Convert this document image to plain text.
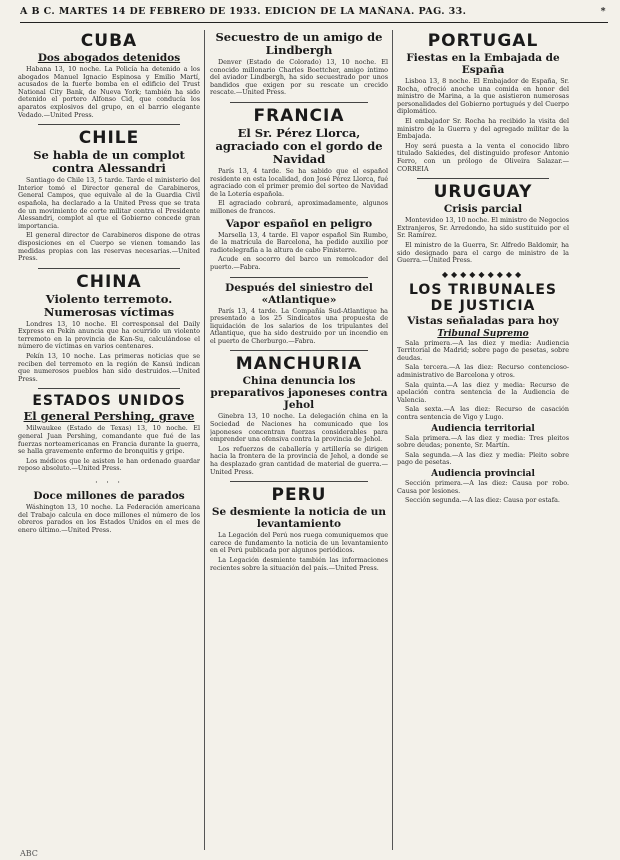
A B C. MARTES 14 DE FEBRERO DE 1933. EDICION DE LA MAÑANA. PAG. 33.	*
CUBA
Dos abogados detenidos

Habana 13, 10 noche. La Policía ha detenido a los abogados Manuel Ignacio Espinosa y Emilio Martí, acusados de la fuerte bomba en el edificio del Trust National City Bank, de Nueva York; también ha sido detenido el portero Alfonso Cid, que conducía los aparatos explosivos del grupo, en el barrio elegante Vedado.—United Press.

CHILE
Se habla de un complot contra Alessandri

Santiago de Chile 13, 5 tarde. Tarde el ministerio del Interior tomó el Director general de Carabineros, General Campos, que equivale al de la Guardia Civil española, ha declarado a la United Press que se trata de un movimiento de corte militar contra el Presidente Alessandri, complot al que el Gobierno concede gran importancia.

El general director de Carabineros dispone de otras disposiciones en el Cuerpo se vienen tomando las medidas propias con las reservas necesarias.—United Press.

CHINA
Violento terremoto. Numerosas víctimas

Londres 13, 10 noche. El corresponsal del Daily Express en Pekín anuncia que ha ocurrido un violento terremoto en la provincia de Kan-Su, calculándose el número de víctimas en varios centenares.

Pekín 13, 10 noche. Las primeras noticias que se reciben del terremoto en la región de Kansú indican que numerosos pueblos han sido destruidos.—United Press.

ESTADOS UNIDOS
El general Pershing, grave

Milwaukee (Estado de Texas) 13, 10 noche. El general Juan Pershing, comandante que fué de las fuerzas norteamericanas en Francia durante la guerra, se halla gravemente enfermo de bronquitis y gripe.

Los médicos que le asisten le han ordenado guardar reposo absoluto.—United Press.

· · ·
Doce millones de parados

Wáshington 13, 10 noche. La Federación americana del Trabajo calcula en doce millones el número de los obreros parados en los Estados Unidos en el mes de enero último.—United Press.

Secuestro de un amigo de Lindbergh

Denver (Estado de Colorado) 13, 10 noche. El conocido millonario Charles Boettcher, amigo íntimo del aviador Lindbergh, ha sido secuestrado por unos bandidos que exigen por su rescate un crecido rescate.—United Press.

FRANCIA
El Sr. Pérez Llorca, agraciado con el gordo de Navidad

París 13, 4 tarde. Se ha sabido que el español residente en esta localidad, don José Pérez Llorca, fué agraciado con el primer premio del sorteo de Navidad de la Lotería española.

El agraciado cobrará, aproximadamente, algunos millones de francos.

Vapor español en peligro

Marsella 13, 4 tarde. El vapor español Sin Rumbo, de la matrícula de Barcelona, ha pedido auxilio por radiotelegrafía a la altura de cabo Finisterre.

Acude en socorro del barco un remolcador del puerto.—Fabra.

Después del siniestro del «Atlantique»

París 13, 4 tarde. La Compañía Sud-Atlantique ha presentado a los 25 Sindicatos una propuesta de liquidación de los salarios de los tripulantes del Atlantique, que ha sido destruido por un incendio en el puerto de Cherburgo.—Fabra.

MANCHURIA
China denuncia los preparativos japoneses contra Jehol

Ginebra 13, 10 noche. La delegación china en la Sociedad de Naciones ha comunicado que los japoneses concentran fuerzas considerables para emprender una ofensiva contra la provincia de Jehol.

Los refuerzos de caballería y artillería se dirigen hacia la frontera de la provincia de Jehol, a donde se ha desplazado gran cantidad de material de guerra.—United Press.

PERU
Se desmiente la noticia de un levantamiento

La Legación del Perú nos ruega comuniquemos que carece de fundamento la noticia de un levantamiento en el Perú publicada por algunos periódicos.

La Legación desmiente también las informaciones recientes sobre la situación del país.—United Press.

PORTUGAL
Fiestas en la Embajada de España

Lisboa 13, 8 noche. El Embajador de España, Sr. Rocha, ofreció anoche una comida en honor del ministro de Marina, a la que asistieron numerosas personalidades del Gobierno portugués y del Cuerpo diplomático.

El embajador Sr. Rocha ha recibido la visita del ministro de la Guerra y del agregado militar de la Embajada.

Hoy será puesta a la venta el conocido libro titulado Sakiedes, del distinguido profesor Antonio Ferro, con un prólogo de Oliveira Salazar.—CORREIA

URUGUAY
Crisis parcial

Montevideo 13, 10 noche. El ministro de Negocios Extranjeros, Sr. Arredondo, ha sido sustituido por el Sr. Ramírez.

El ministro de la Guerra, Sr. Alfredo Baldomir, ha sido designado para el cargo de ministro de la Guerra.—United Press.

◆◆◆◆◆◆◆◆◆
LOS TRIBUNALES DE JUSTICIA
Vistas señaladas para hoy
Tribunal Supremo

Sala primera.—A las diez y media: Audiencia Territorial de Madrid; sobre pago de pesetas, sobre deudas.

Sala tercera.—A las diez: Recurso contencioso-administrativo de Barcelona y otros.

Sala quinta.—A las diez y media: Recurso de apelación contra sentencia de la Audiencia de Valencia.

Sala sexta.—A las diez: Recurso de casación contra sentencia de Vigo y Lugo.

Audiencia territorial

Sala primera.—A las diez y media: Tres pleitos sobre deudas; ponente, Sr. Martín.

Sala segunda.—A las diez y media: Pleito sobre pago de pesetas.

Audiencia provincial

Sección primera.—A las diez: Causa por robo. Causa por lesiones.

Sección segunda.—A las diez: Causa por estafa.

ABC
